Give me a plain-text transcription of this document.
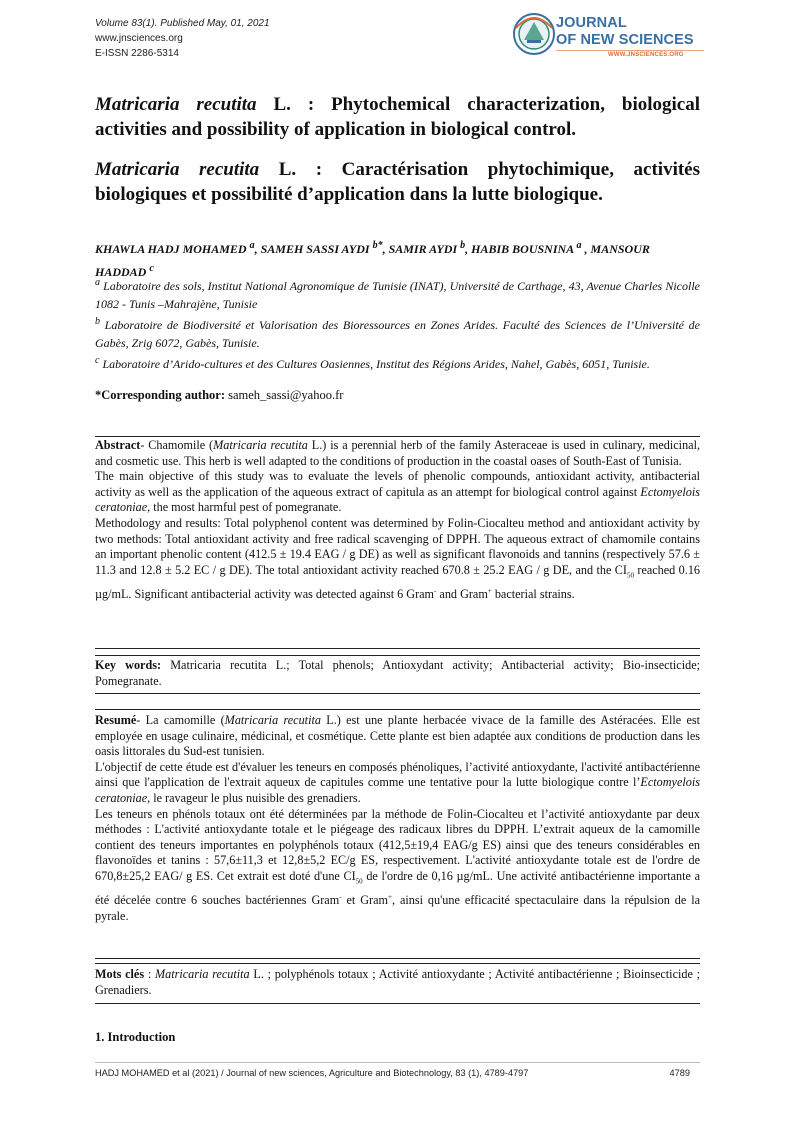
Volume 83(1). Published May, 01, 2021
www.jnsciences.org
E-ISSN 2286-5314
JOURNAL
OF NEW SCIENCES
WWW.JNSCIENCES.ORG
Matricaria recutita L. : Phytochemical characterization, biological activities and possibility of application in biological control.
Matricaria recutita L. : Caractérisation phytochimique, activités biologiques et possibilité d’application dans la lutte biologique.
KHAWLA HADJ MOHAMED $^a$, SAMEH SASSI AYDI $^{b*}$, SAMIR AYDI $^b$, HABIB BOUSNINA $^a$ , MANSOUR HADDAD $^c$

$^a$ Laboratoire des sols, Institut National Agronomique de Tunisie (INAT), Université de Carthage, 43, Avenue Charles Nicolle 1082 - Tunis –Mahrajène, Tunisie

$^b$ Laboratoire de Biodiversité et Valorisation des Bioressources en Zones Arides. Faculté des Sciences de l’Université de Gabès, Zrig 6072, Gabès, Tunisie.

$^c$ Laboratoire d’Arido-cultures et des Cultures Oasiennes, Institut des Régions Arides, Nahel, Gabès, 6051, Tunisie.

*Corresponding author: sameh_sassi@yahoo.fr

Abstract- Chamomile (Matricaria recutita L.) is a perennial herb of the family Asteraceae is used in culinary, medicinal, and cosmetic use. This herb is well adapted to the conditions of production in the coastal oases of South-East of Tunisia.

The main objective of this study was to evaluate the levels of phenolic compounds, antioxidant activity, antibacterial activity as well as the application of the aqueous extract of capitula as an attempt for biological control against Ectomyelois ceratoniae, the most harmful pest of pomegranate.

Methodology and results: Total polyphenol content was determined by Folin-Ciocalteu method and antioxidant activity by two methods: Total antioxidant activity and free radical scavenging of DPPH. The aqueous extract of chamomile contains an important phenolic content (412.5 ± 19.4 EAG / g DE) as well as significant flavonoids and tannins (respectively 57.6 ± 11.3 and 12.8 ± 5.2 EC / g DE). The total antioxidant activity reached 670.8 ± 25.2 EAG / g DE, and the $CI_{50}$ reached 0.16 µg/mL. Significant antibacterial activity was detected against 6 Gram- and Gram+ bacterial strains.

Key words: Matricaria recutita L.; Total phenols; Antioxydant activity; Antibacterial activity; Bio-insecticide; Pomegranate.

Resumé- La camomille (Matricaria recutita L.) est une plante herbacée vivace de la famille des Astéracées. Elle est employée en usage culinaire, médicinal, et cosmétique. Cette plante est bien adaptée aux conditions de production dans les oasis littorales du Sud-est tunisien.

L'objectif de cette étude est d'évaluer les teneurs en composés phénoliques, l’activité antioxydante, l'activité antibactérienne ainsi que l'application de l'extrait aqueux de capitules comme une tentative pour la lutte biologique contre l’Ectomyelois ceratoniae, le ravageur le plus nuisible des grenadiers.

Les teneurs en phénols totaux ont été déterminées par la méthode de Folin-Ciocalteu et l’activité antioxydante par deux méthodes : L'activité antioxydante totale et le piégeage des radicaux libres du DPPH. L’extrait aqueux de la camomille contient des teneurs importantes en polyphénols totaux (412,5±19,4 EAG/g ES) ainsi que des teneurs considérables en flavonoïdes et tanins : 57,6±11,3 et 12,8±5,2 EC/g ES, respectivement. L'activité antioxydante totale est de l'ordre de 670,8±25,2 EAG/ g ES. Cet extrait est doté d'une $CI_{50}$ de l'ordre de 0,16 µg/mL. Une activité antibactérienne importante a été décelée contre 6 souches bactériennes Gram- et Gram+, ainsi qu'une efficacité spectaculaire dans la répulsion de la pyrale.

Mots clés : Matricaria recutita L. ; polyphénols totaux ; Activité antioxydante ; Activité antibactérienne ; Bioinsecticide ; Grenadiers.

1. Introduction
HADJ MOHAMED et al (2021) / Journal of new sciences, Agriculture and Biotechnology, 83 (1), 4789-4797	4789
